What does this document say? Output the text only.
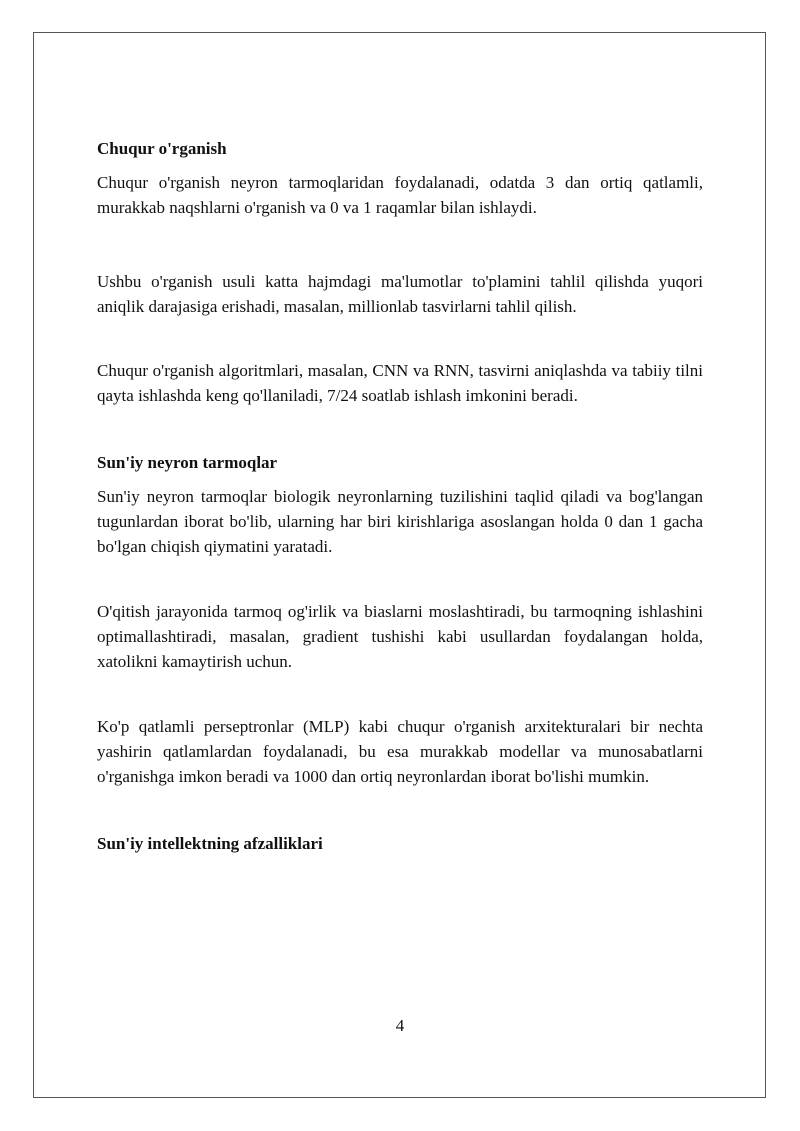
Chuqur o'rganish

Chuqur o'rganish neyron tarmoqlaridan foydalanadi, odatda 3 dan ortiq qatlamli, murakkab naqshlarni o'rganish va 0 va 1 raqamlar bilan ishlaydi.

Ushbu o'rganish usuli katta hajmdagi ma'lumotlar to'plamini tahlil qilishda yuqori aniqlik darajasiga erishadi, masalan, millionlab tasvirlarni tahlil qilish.

Chuqur o'rganish algoritmlari, masalan, CNN va RNN, tasvirni aniqlashda va tabiiy tilni qayta ishlashda keng qo'llaniladi, 7/24 soatlab ishlash imkonini beradi.

Sun'iy neyron tarmoqlar

Sun'iy neyron tarmoqlar biologik neyronlarning tuzilishini taqlid qiladi va bog'langan tugunlardan iborat bo'lib, ularning har biri kirishlariga asoslangan holda 0 dan 1 gacha bo'lgan chiqish qiymatini yaratadi.

O'qitish jarayonida tarmoq og'irlik va biaslarni moslashtiradi, bu tarmoqning ishlashini optimallashtiradi, masalan, gradient tushishi kabi usullardan foydalangan holda, xatolikni kamaytirish uchun.

Ko'p qatlamli perseptronlar (MLP) kabi chuqur o'rganish arxitekturalari bir nechta yashirin qatlamlardan foydalanadi, bu esa murakkab modellar va munosabatlarni o'rganishga imkon beradi va 1000 dan ortiq neyronlardan iborat bo'lishi mumkin.

Sun'iy intellektning afzalliklari
4
